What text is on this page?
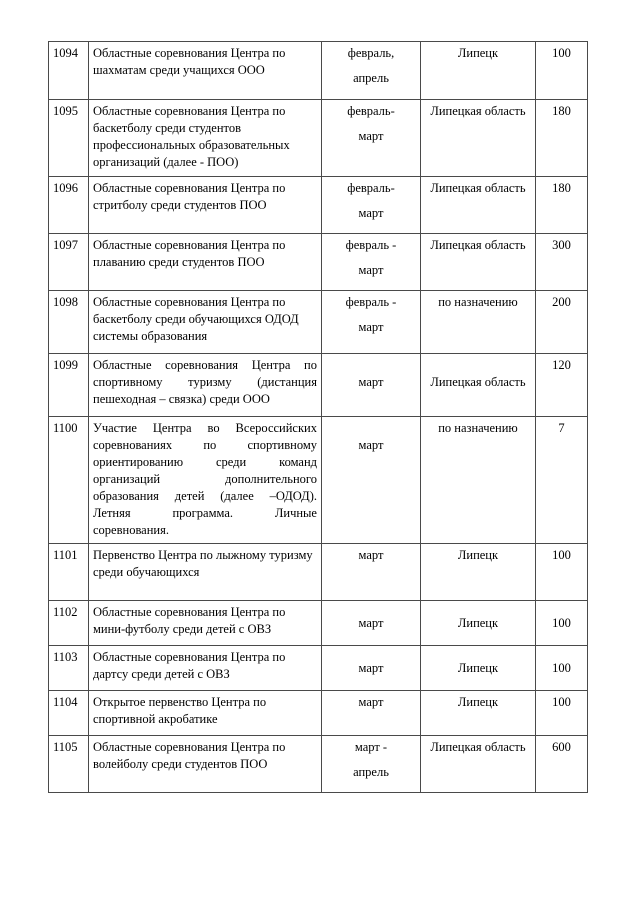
1094	Областные соревнования Центра по шахматам среди учащихся ООО	февраль,
апрель	Липецк	100
1095	Областные соревнования Центра по баскетболу среди студентов профессиональных образовательных организаций (далее - ПОО)	февраль-
март	Липецкая область	180
1096	Областные соревнования Центра по стритболу среди студентов ПОО	февраль-
март	Липецкая область	180
1097	Областные соревнования Центра по плаванию среди студентов ПОО	февраль -
март	Липецкая область	300
1098	Областные соревнования Центра по баскетболу среди обучающихся ОДОД системы образования	февраль -
март	по назначению	200
1099	Областные соревнования Центра по спортивному туризму (дистанция пешеходная – связка) среди ООО	март	Липецкая область	120
1100	Участие Центра во Всероссийских соревнованиях по спортивному ориентированию среди команд организаций дополнительного образования детей (далее –ОДОД). Летняя программа. Личные соревнования.	март	по назначению	7
1101	Первенство Центра по лыжному туризму среди обучающихся	март	Липецк	100
1102	Областные соревнования Центра по мини-футболу среди детей с ОВЗ	март	Липецк	100

1103	Областные соревнования Центра по дартсу среди детей с ОВЗ	март	Липецк	100

1104	Открытое первенство Центра по спортивной акробатике	март	Липецк	100
1105	Областные соревнования Центра по волейболу среди студентов ПОО	март -
апрель	Липецкая область	600
